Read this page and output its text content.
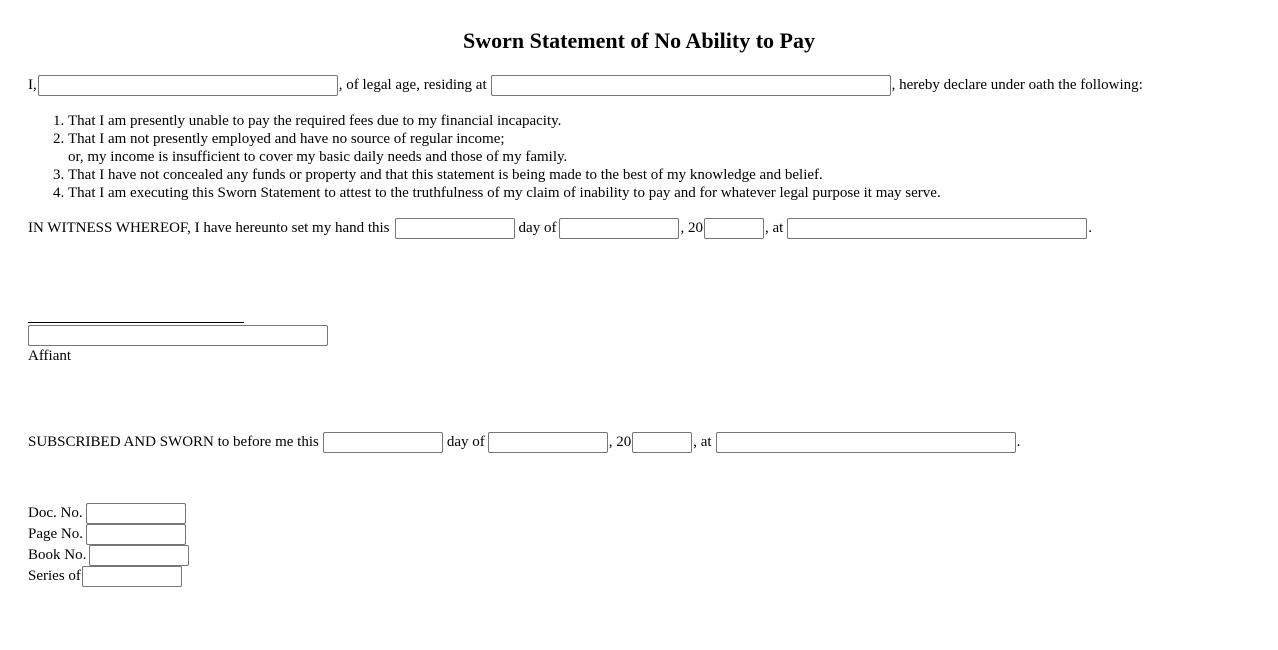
Sworn Statement of No Ability to Pay
I,	, of legal age, residing at	, hereby declare under oath the following:
1. That I am presently unable to pay the required fees due to my financial incapacity.
2. That I am not presently employed and have no source of regular income;
or, my income is insufficient to cover my basic daily needs and those of my family.
3. That I have not concealed any funds or property and that this statement is being made to the best of my knowledge and belief.
4. That I am executing this Sworn Statement to attest to the truthfulness of my claim of inability to pay and for whatever legal purpose it may serve.
IN WITNESS WHEREOF, I have hereunto set my hand this	day of	, 20	, at	.
Affiant
SUBSCRIBED AND SWORN to before me this	day of	, 20	, at	.
Doc. No.
Page No.
Book No.
Series of
